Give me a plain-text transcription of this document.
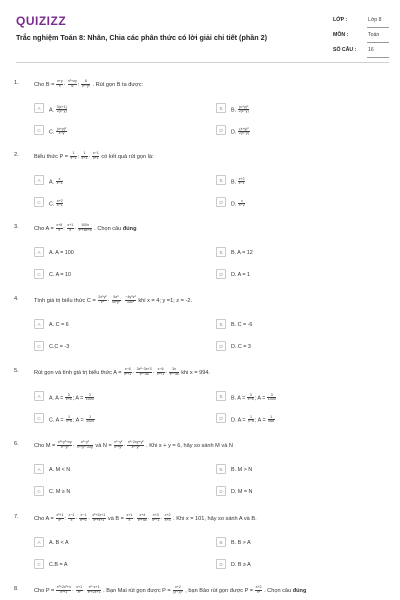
QUIZIZZ
Trắc nghiệm Toán 8: Nhân, Chia các phân thức có lời giải chi tiết (phần 2)
LỚP :	Lớp 8
MÔN :	Toán
SỐ CÂU : 16
1.	Cho $B = \frac{x+y}{x} \cdot \frac{\text{x²+xy}}{6}$ : $\frac{6}{\text{x²−y²}}$ . Rút gọn B ta được:
A	A. $\frac{3(x+1)}{2(x-y)}$	B	B. $\frac{\text{(x+y)²}}{2(x-y)}$
C	C. $\frac{\text{(x+y)²}}{x-y}$	D	D. $\frac{\text{(x+y)²}}{2(x-y)}$
2.	Biểu thức $P = \frac{1}{x-1}$ : $\frac{1}{x+1} \cdot \frac{x-1}{x+1}$ có kết quả rút gọn là:
A	A. $\frac{x}{x-1}$	B	B. $\frac{x+2}{x-1}$
C	C. $\frac{x+2}{x-1}$	D	D. $\frac{x}{x-2}$
3.	Cho $A = \frac{x+8}{x}$ : $\frac{x+1}{x} \cdot \frac{100x}{\text{x²+8x+8}}$ . Chọn câu đúng
A	A. A = 100	B	B. A = 12
C	C. A = 10	D	D. A = 1
4.	Tính giá trị biểu thức $C = \frac{\text{2x⁵y²}}{\text{z⁶}} \cdot \frac{\text{5z⁵}}{\text{4x²y²}} \cdot \frac{\text{−4y⁶z²}}{\text{15x⁶}}$ khi x = 4; y =1; z = -2.
A	A. C = 6	B	B. C = -6
C	C.C = -3	D	D. C = 3
5.	Rút gọn và tính giá trị biểu thức $A = \frac{x-6}{\text{x²+1}} \cdot \frac{\text{3x²−3x+3}}{\text{x²−36}} \cdot \frac{x-6}{\text{x²+1}} \cdot \frac{3x}{\text{x²−36}}$ khi x = 994.
A	A. $A = \frac{3}{x+6}$ ; $A = \frac{3}{1000}$	B	B. $A = \frac{3}{x-6}$ ; $A = \frac{3}{1000}$
C	C. $A = \frac{1}{x+6}$ ; $A = \frac{1}{1000}$	D	D. $A = \frac{1}{x-6}$ ; $A = \frac{1}{988}$
6.	Cho $M = \frac{\text{x³+y³+xy}}{\text{x²−y²}} \cdot \frac{\text{x²−y²}}{\text{x²+y²−2xy}}$ và $N = \frac{\text{x²−y²}}{\text{x²+y²}} \cdot \frac{\text{x²−2xy+y²}}{\text{x²−y²}}$ . Khi x + y = 6, hãy so sánh M và N
A	A. M < N	B	B. M > N
C	C. M ≥ N	D	D. M = N
7.	Cho $A = \frac{\text{x³+1}}{\text{x²}}$ : $\frac{x-1}{x} \cdot \frac{x-1}{\text{x²+1}} \cdot \frac{\text{x²+2x+1}}{\text{x²+x+1}}$ và $B = \frac{x+1}{x} \cdot \frac{x+4}{\text{x²+4x}} \cdot \frac{x+3}{\text{x²−1}} \cdot \frac{x+2}{x+3}$ . Khi x = 101, hãy so sánh A và B.
A	A. B < A	B	B. B > A
C	C.B = A	D	D. B ≥ A
8.	Cho $P = \frac{\text{x³+2x²+x}}{\text{x³+1}} \cdot \frac{x+1}{\text{x²}} \cdot \frac{\text{x²−x+1}}{\text{x²+2x+1}}$ . Bạn Mai rút gọn được $P = \frac{x+2}{\text{(x−1)²}}$ , bạn Bảo rút gọn được $P = \frac{x+2}{\text{x²}}$ . Chọn câu đúng
